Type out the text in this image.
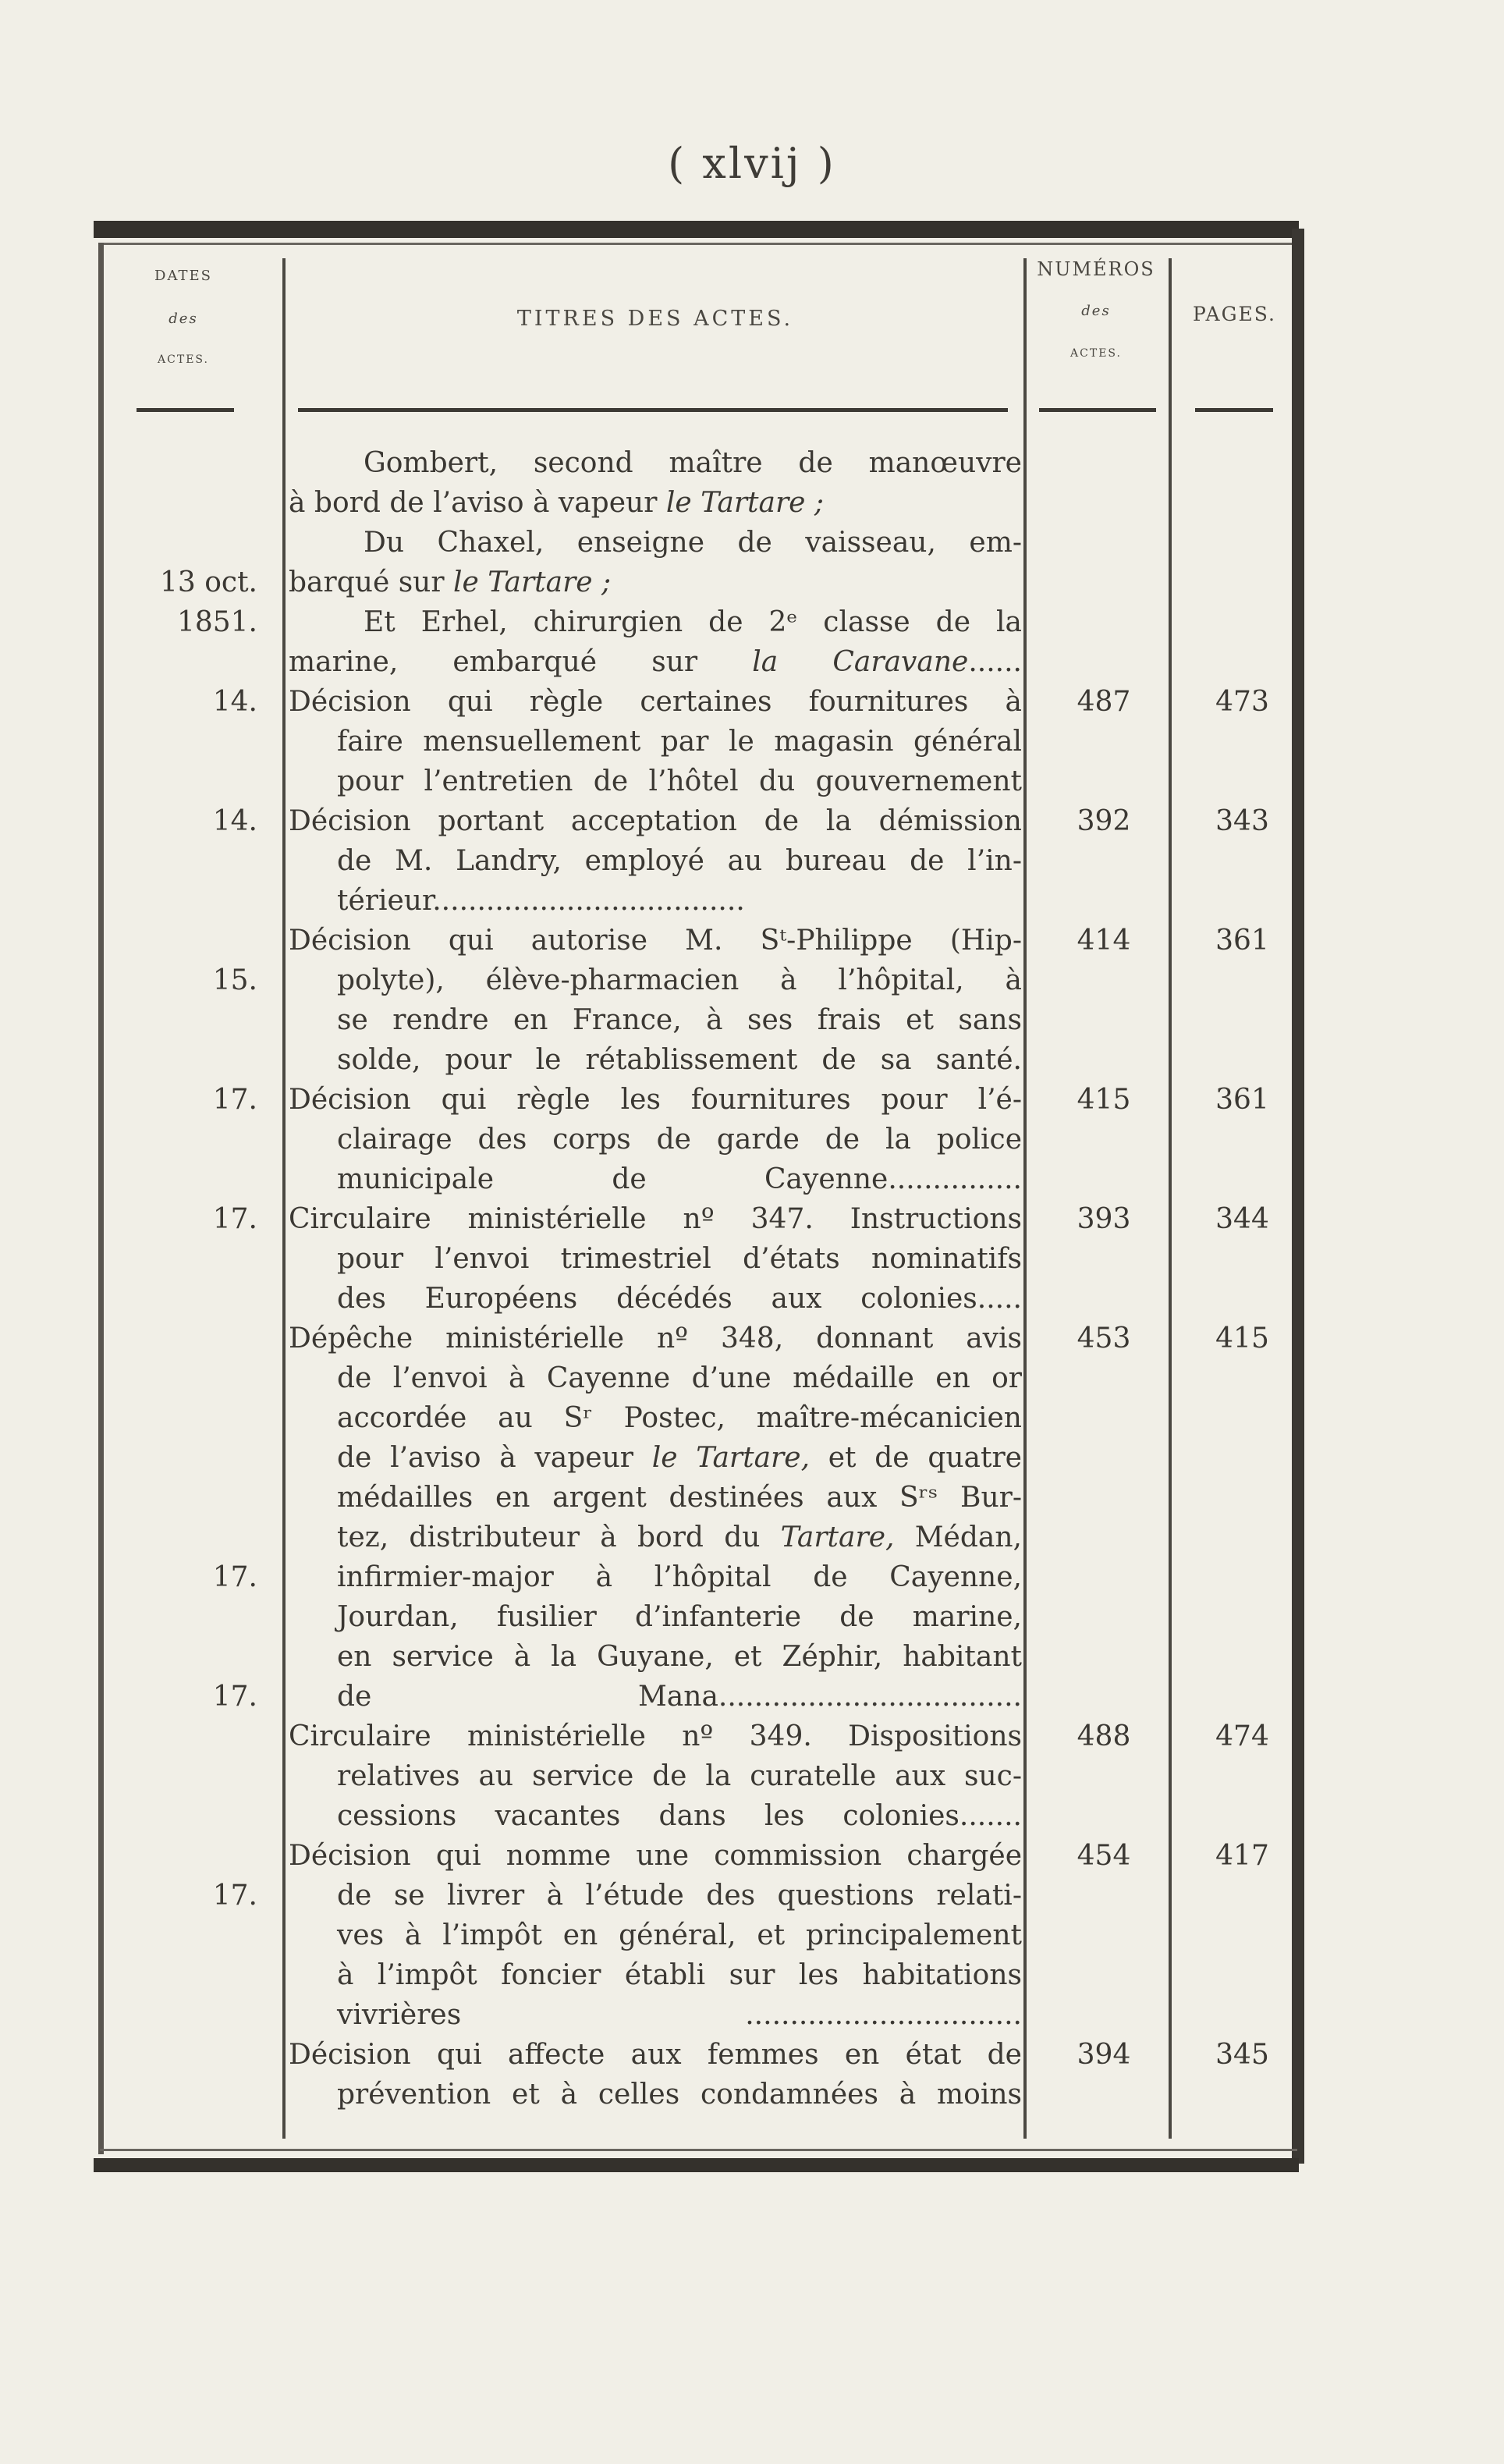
( xlvij )
DATES
des
ACTES.
TITRES DES ACTES.
NUMÉROS
des
ACTES.
PAGES.
13 oct.
1851.
14.
14.
15.
17.
17.
17.
17.
17.
Gombert, second maître de manœuvre
à bord de l’aviso à vapeur le Tartare ;
Du Chaxel, enseigne de vaisseau, em-
barqué sur le Tartare ;
Et Erhel, chirurgien de 2ᵉ classe de la
marine, embarqué sur la Caravane......
Décision qui règle certaines fournitures à
faire mensuellement par le magasin général
pour l’entretien de l’hôtel du gouvernement
Décision portant acceptation de la démission
de M. Landry, employé au bureau de l’in-
térieur...................................
Décision qui autorise M. Sᵗ-Philippe (Hip-
polyte), élève-pharmacien à l’hôpital, à
se rendre en France, à ses frais et sans
solde, pour le rétablissement de sa santé.
Décision qui règle les fournitures pour l’é-
clairage des corps de garde de la police
municipale de Cayenne...............
Circulaire ministérielle nº 347. Instructions
pour l’envoi trimestriel d’états nominatifs
des Européens décédés aux colonies.....
Dépêche ministérielle nº 348, donnant avis
de l’envoi à Cayenne d’une médaille en or
accordée au Sʳ Postec, maître-mécanicien
de l’aviso à vapeur le Tartare, et de quatre
médailles en argent destinées aux Sʳˢ Bur-
tez, distributeur à bord du Tartare, Médan,
infirmier-major à l’hôpital de Cayenne,
Jourdan, fusilier d’infanterie de marine,
en service à la Guyane, et Zéphir, habitant
de Mana..................................
Circulaire ministérielle nº 349. Dispositions
relatives au service de la curatelle aux suc-
cessions vacantes dans les colonies.......
Décision qui nomme une commission chargée
de se livrer à l’étude des questions relati-
ves à l’impôt en général, et principalement
à l’impôt foncier établi sur les habitations
vivrières ...............................
Décision qui affecte aux femmes en état de
prévention et à celles condamnées à moins
487
392
414
415
393
453
488
454
394
473
343
361
361
344
415
474
417
345
